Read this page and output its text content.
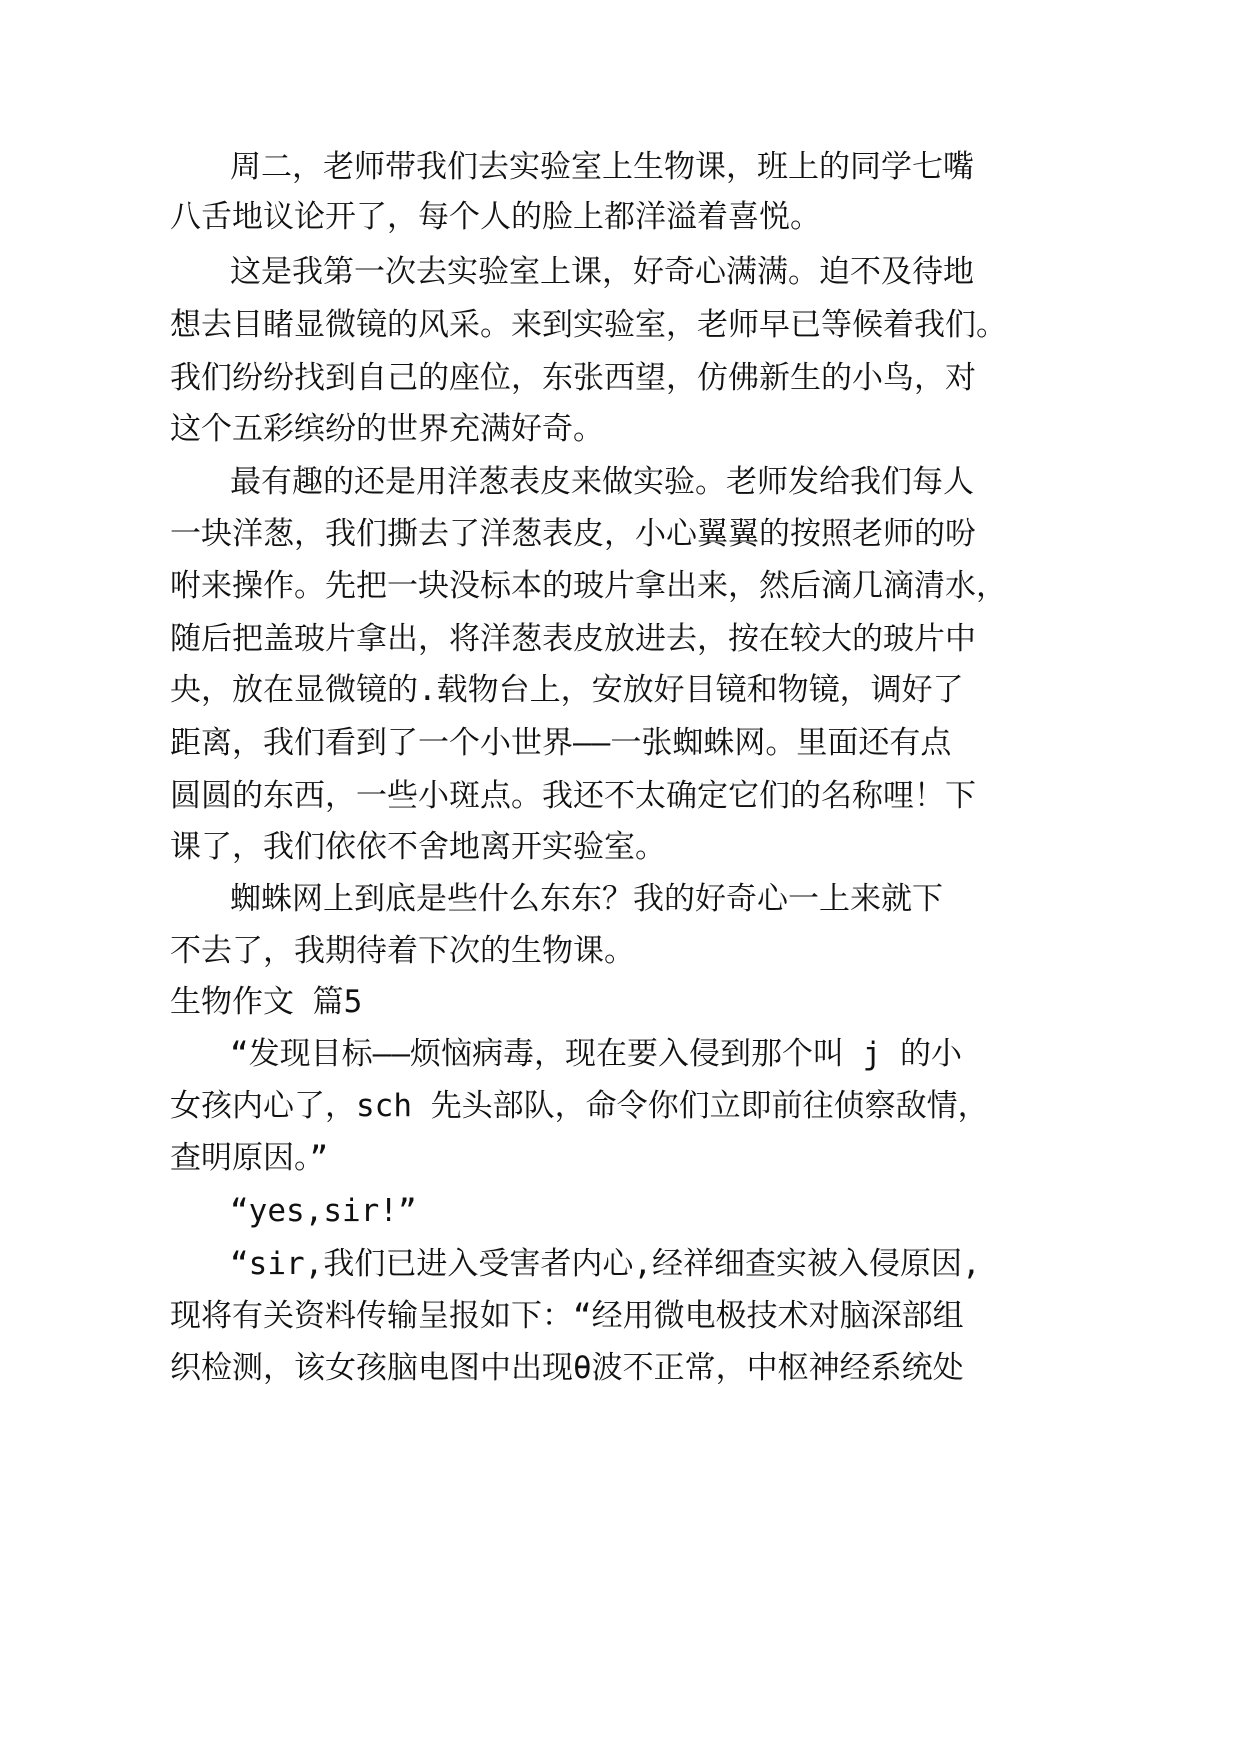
周二，老师带我们去实验室上生物课，班上的同学七嘴

八舌地议论开了，每个人的脸上都洋溢着喜悦。

这是我第一次去实验室上课，好奇心满满。迫不及待地

想去目睹显微镜的风采。来到实验室，老师早已等候着我们。

我们纷纷找到自己的座位，东张西望，仿佛新生的小鸟，对

这个五彩缤纷的世界充满好奇。

最有趣的还是用洋葱表皮来做实验。老师发给我们每人

一块洋葱，我们撕去了洋葱表皮，小心翼翼的按照老师的吩

咐来操作。先把一块没标本的玻片拿出来，然后滴几滴清水，

随后把盖玻片拿出，将洋葱表皮放进去，按在较大的玻片中

央，放在显微镜的.载物台上，安放好目镜和物镜，调好了

距离，我们看到了一个小世界——一张蜘蛛网。里面还有点

圆圆的东西，一些小斑点。我还不太确定它们的名称哩！下

课了，我们依依不舍地离开实验室。

蜘蛛网上到底是些什么东东？我的好奇心一上来就下

不去了，我期待着下次的生物课。

生物作文 篇5

“发现目标——烦恼病毒，现在要入侵到那个叫 j 的小

女孩内心了，sch 先头部队，命令你们立即前往侦察敌情，

查明原因。”

“yes,sir!”

“sir,我们已进入受害者内心,经祥细查实被入侵原因,

现将有关资料传输呈报如下：“经用微电极技术对脑深部组

织检测，该女孩脑电图中出现θ波不正常，中枢神经系统处
